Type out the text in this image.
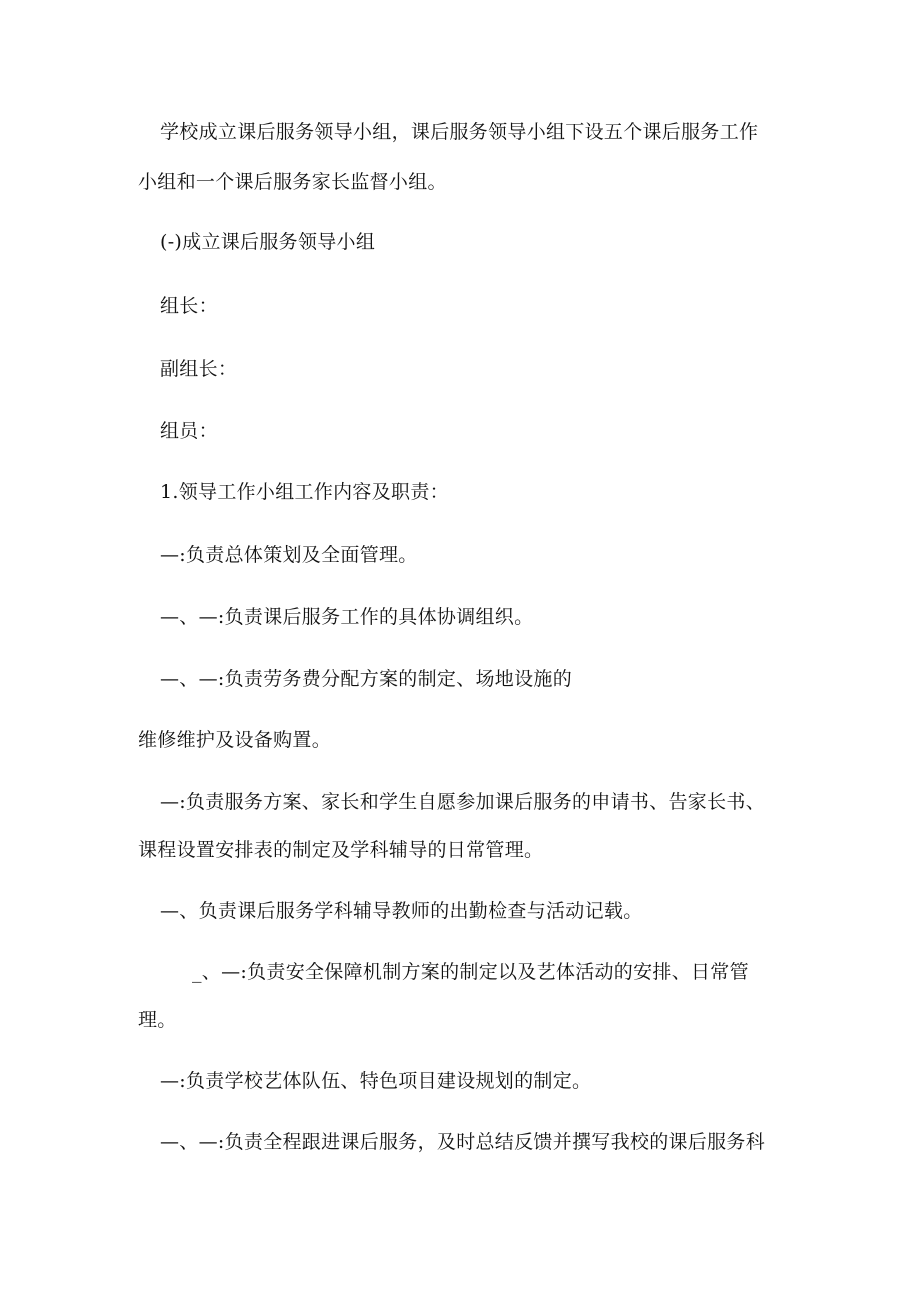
学校成立课后服务领导小组，课后服务领导小组下设五个课后服务工作
小组和一个课后服务家长监督小组。
(-)成立课后服务领导小组
组长：
副组长：
组员：
1.领导工作小组工作内容及职责：
—:负责总体策划及全面管理。
—、—:负责课后服务工作的具体协调组织。
—、—:负责劳务费分配方案的制定、场地设施的
维修维护及设备购置。
—:负责服务方案、家长和学生自愿参加课后服务的申请书、告家长书、
课程设置安排表的制定及学科辅导的日常管理。
—、负责课后服务学科辅导教师的出勤检查与活动记载。
_、—:负责安全保障机制方案的制定以及艺体活动的安排、日常管
理。
—:负责学校艺体队伍、特色项目建设规划的制定。
—、—:负责全程跟进课后服务，及时总结反馈并撰写我校的课后服务科
